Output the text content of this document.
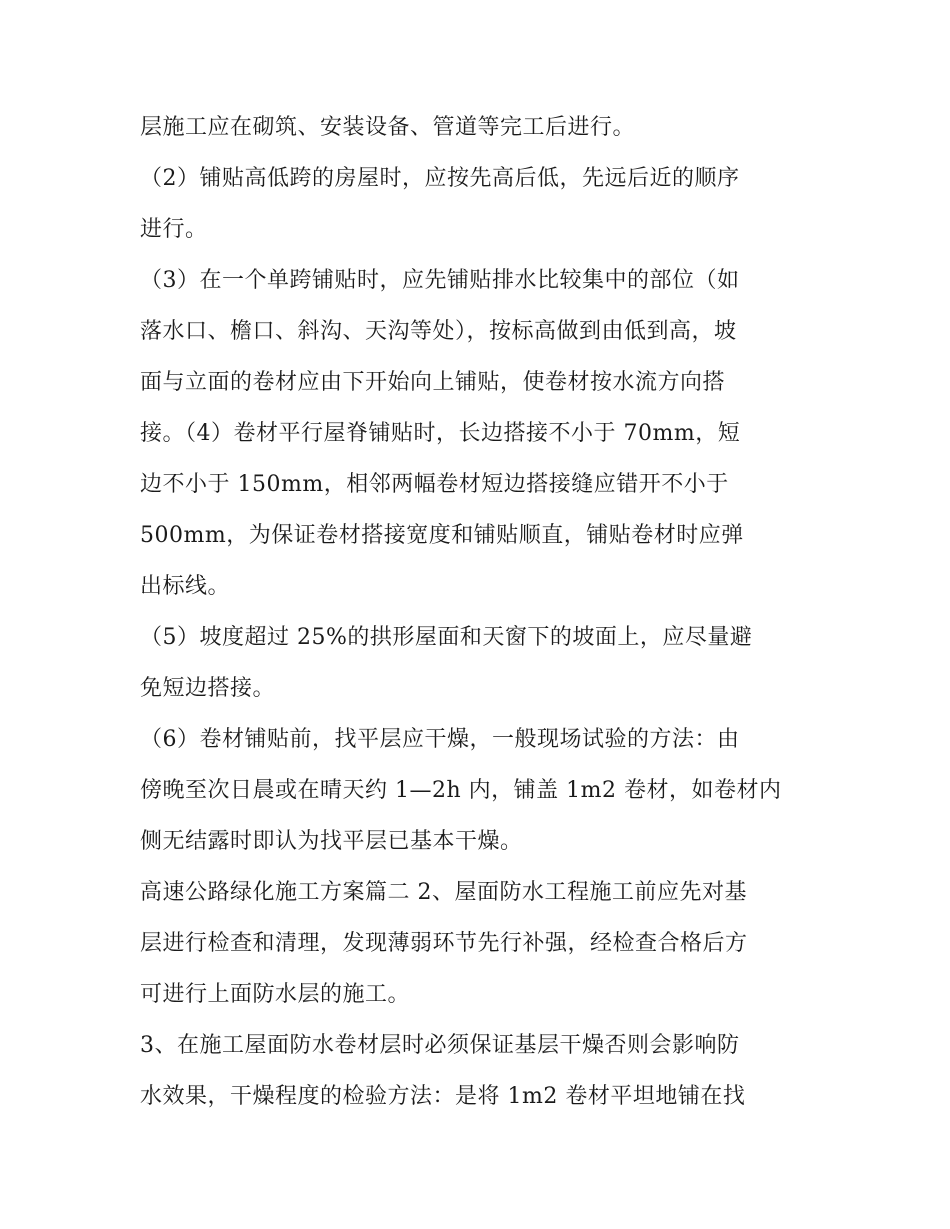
层施工应在砌筑、安装设备、管道等完工后进行。
（2）铺贴高低跨的房屋时，应按先高后低，先远后近的顺序
进行。
（3）在一个单跨铺贴时，应先铺贴排水比较集中的部位（如
落水口、檐口、斜沟、天沟等处），按标高做到由低到高，坡
面与立面的卷材应由下开始向上铺贴，使卷材按水流方向搭
接。（4）卷材平行屋脊铺贴时，长边搭接不小于 70mm，短
边不小于 150mm，相邻两幅卷材短边搭接缝应错开不小于
500mm，为保证卷材搭接宽度和铺贴顺直，铺贴卷材时应弹
出标线。
（5）坡度超过 25%的拱形屋面和天窗下的坡面上，应尽量避
免短边搭接。
（6）卷材铺贴前，找平层应干燥，一般现场试验的方法：由
傍晚至次日晨或在晴天约 1—2h 内，铺盖 1m2 卷材，如卷材内
侧无结露时即认为找平层已基本干燥。
高速公路绿化施工方案篇二 2、屋面防水工程施工前应先对基
层进行检查和清理，发现薄弱环节先行补强，经检查合格后方
可进行上面防水层的施工。
3、在施工屋面防水卷材层时必须保证基层干燥否则会影响防
水效果，干燥程度的检验方法：是将 1m2 卷材平坦地铺在找
